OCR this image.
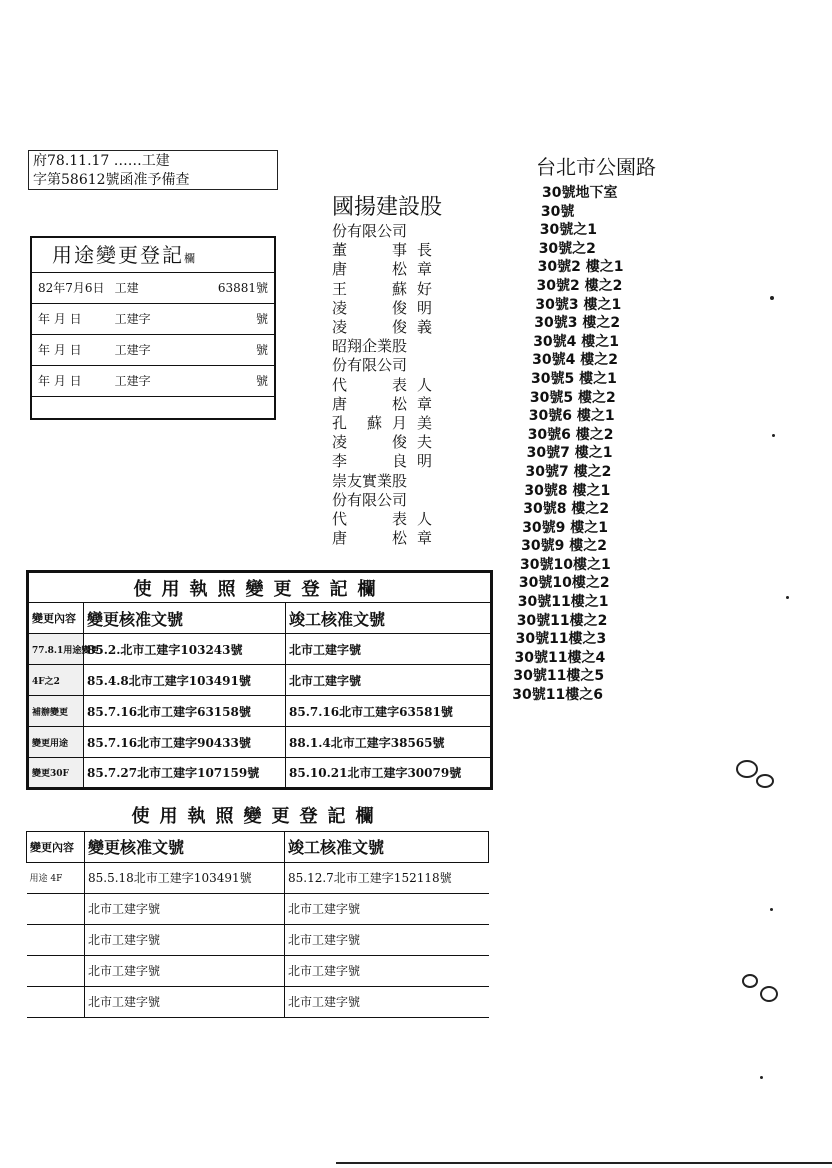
府78.11.17 ……工建
字第58612號函准予備查
用途變更登記欄
82年7月6日 工建	63881號
年 月 日	工建字	號
年 月 日	工建字	號
年 月 日	工建字	號
國揚建設股
份有限公司
董	事長
唐	松章
王	蘇好
凌	俊明
凌	俊義
昭翔企業股
份有限公司
代	表人
唐	松章
孔 蘇月美
凌	俊夫
李	良明
崇友實業股
份有限公司
代	表人
唐	松章
台北市公園路
30號地下室
30號
30號之1
30號之2
30號2 樓之1
30號2 樓之2
30號3 樓之1
30號3 樓之2
30號4 樓之1
30號4 樓之2
30號5 樓之1
30號5 樓之2
30號6 樓之1
30號6 樓之2
30號7 樓之1
30號7 樓之2
30號8 樓之1
30號8 樓之2
30號9 樓之1
30號9 樓之2
30號10樓之1
30號10樓之2
30號11樓之1
30號11樓之2
30號11樓之3
30號11樓之4
30號11樓之5
30號11樓之6
使用執照變更登記欄		
變更內容	變更核准文號	竣工核准文號
77.8.1用途變更	85.2.北市工建字103243號	北市工建字號
4F之2	85.4.8北市工建字103491號	北市工建字號
補辦變更	85.7.16北市工建字63158號	85.7.16北市工建字63581號
變更用途	85.7.16北市工建字90433號	88.1.4北市工建字38565號
變更30F	85.7.27北市工建字107159號	85.10.21北市工建字30079號
使用執照變更登記欄		
變更內容	變更核准文號	竣工核准文號
用途 4F	85.5.18北市工建字103491號	85.12.7北市工建字152118號
	北市工建字號	北市工建字號
	北市工建字號	北市工建字號
	北市工建字號	北市工建字號
	北市工建字號	北市工建字號
